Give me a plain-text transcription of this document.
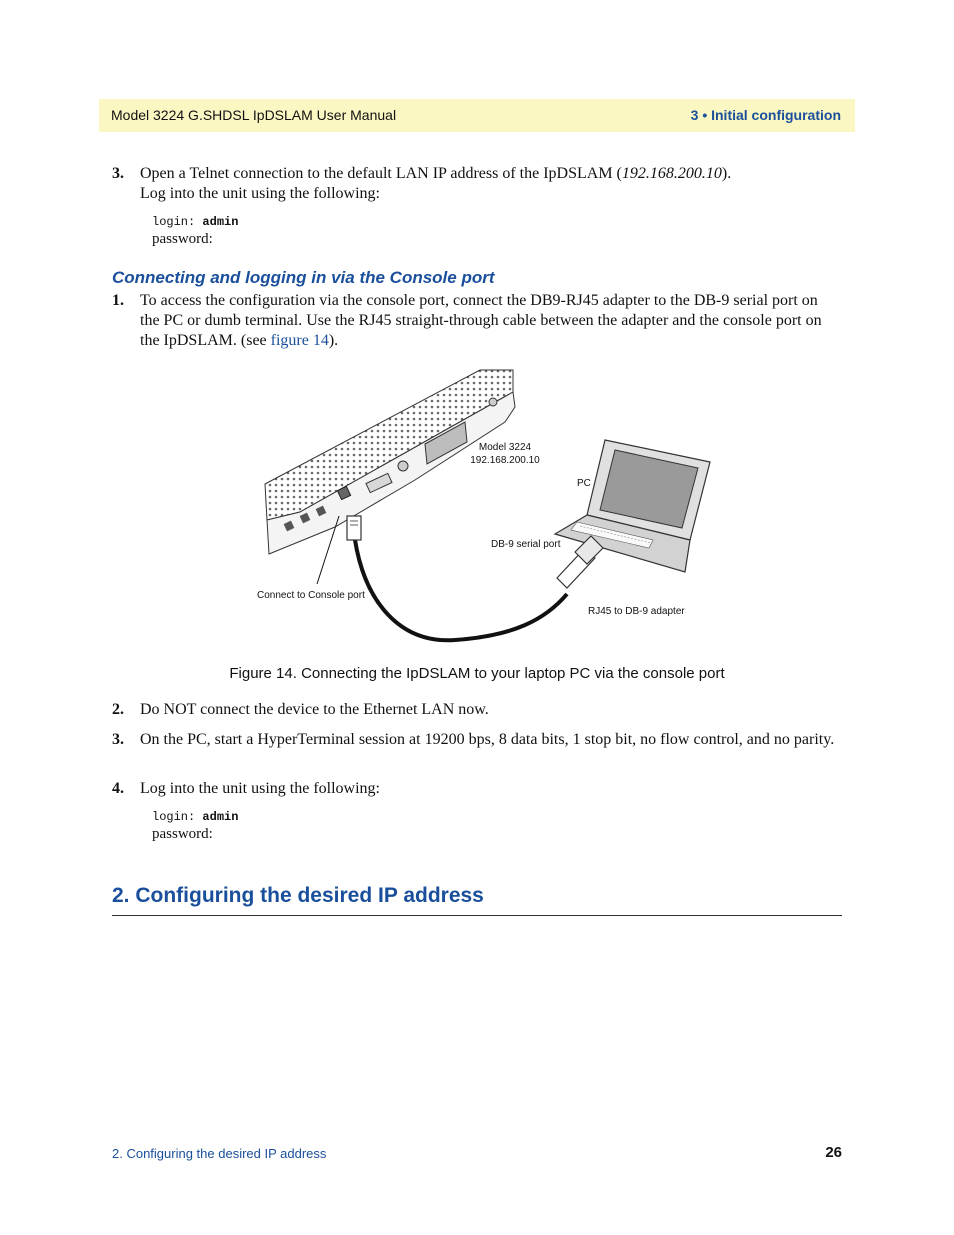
Model 3224 G.SHDSL IpDSLAM User Manual	3 • Initial configuration
3. Open a Telnet connection to the default LAN IP address of the IpDSLAM (192.168.200.10).
Log into the unit using the following:
login: admin
password:
Connecting and logging in via the Console port
1. To access the configuration via the console port, connect the DB9-RJ45 adapter to the DB-9 serial port on the PC or dumb terminal. Use the RJ45 straight-through cable between the adapter and the console port on the IpDSLAM. (see figure 14).
Model 3224
192.168.200.10
PC
DB-9 serial port
Connect to Console port
RJ45 to DB-9 adapter
Figure 14. Connecting the IpDSLAM to your laptop PC via the console port
2. Do NOT connect the device to the Ethernet LAN now.
3. On the PC, start a HyperTerminal session at 19200 bps, 8 data bits, 1 stop bit, no flow control, and no parity.
4. Log into the unit using the following:
login: admin
password:
2. Configuring the desired IP address
2. Configuring the desired IP address	26
